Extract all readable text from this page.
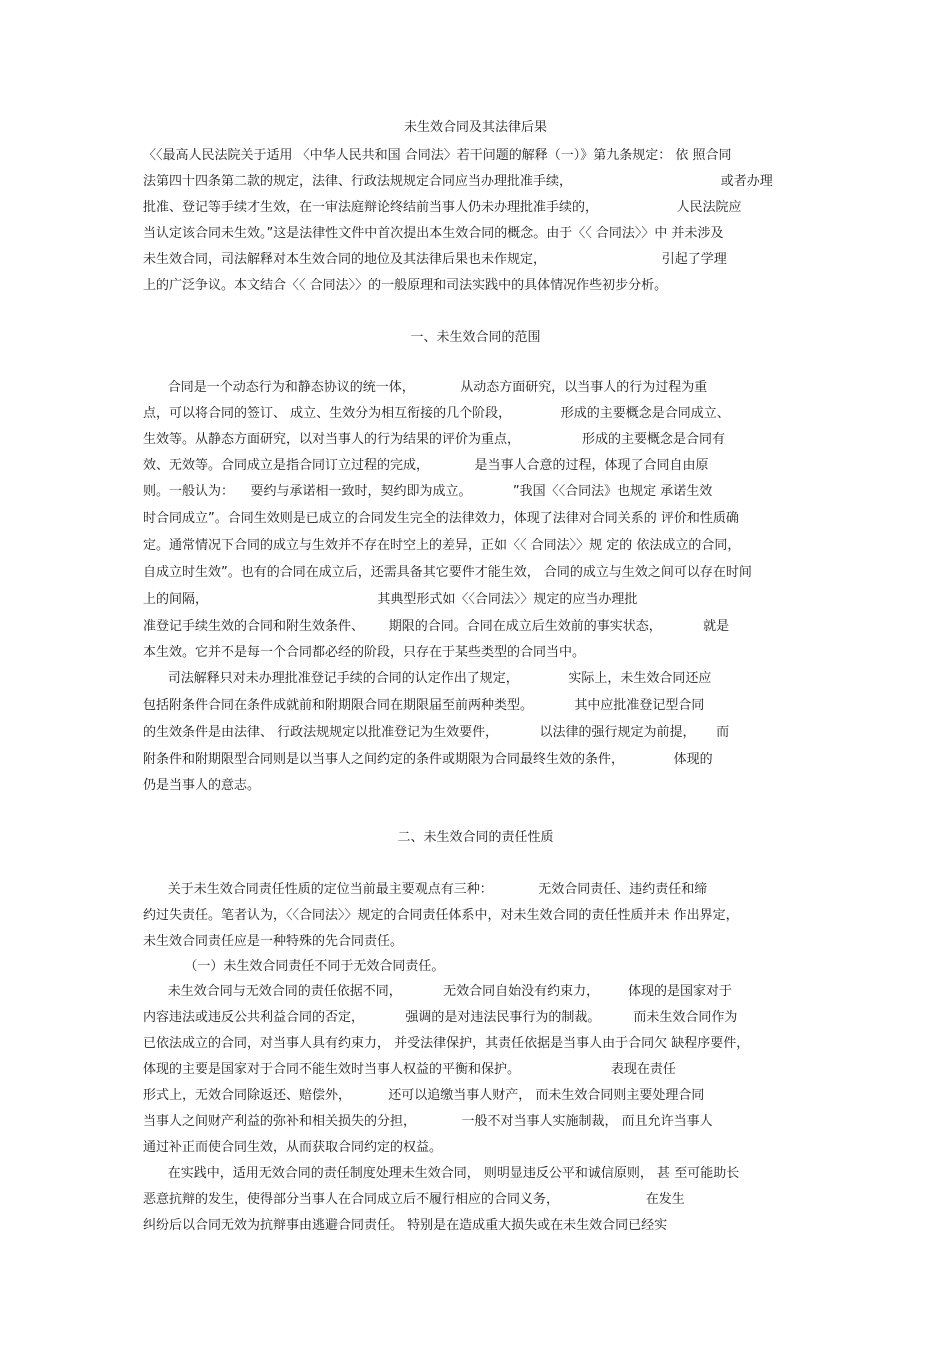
未生效合同及其法律后果
〈〈最高人民法院关于适用 〈中华人民共和国 合同法〉若干问题的解释（一）》第九条规定： 依 照合同
法第四十四条第二款的规定，法律、行政法规规定合同应当办理批准手续，                                    或者办理
批准、登记等手续才生效，在一审法庭辩论终结前当事人仍未办理批准手续的，                   人民法院应
当认定该合同未生效。”这是法律性文件中首次提出本生效合同的概念。由于〈〈 合同法〉〉中 并未涉及
未生效合同，司法解释对本生效合同的地位及其法律后果也未作规定，                            引起了学理
上的广泛争议。本文结合〈〈 合同法〉〉的一般原理和司法实践中的具体情况作些初步分析。
一、未生效合同的范围
合同是一个动态行为和静态协议的统一体，           从动态方面研究，以当事人的行为过程为重
点，可以将合同的签订、 成立、生效分为相互衔接的几个阶段，            形成的主要概念是合同成立、
生效等。从静态方面研究，以对当事人的行为结果的评价为重点，               形成的主要概念是合同有
效、无效等。合同成立是指合同订立过程的完成，           是当事人合意的过程，体现了合同自由原
则。一般认为：    要约与承诺相一致时，契约即为成立。          ”我国〈〈合同法》也规定 承诺生效
时合同成立”。合同生效则是已成立的合同发生完全的法律效力，体现了法律对合同关系的 评价和性质确
定。通常情况下合同的成立与生效并不存在时空上的差异，正如〈〈 合同法〉〉规 定的 依法成立的合同，
自成立时生效”。也有的合同在成立后，还需具备其它要件才能生效， 合同的成立与生效之间可以存在时间
上的间隔，                                         其典型形式如〈〈合同法〉〉规定的应当办理批
准登记手续生效的合同和附生效条件、      期限的合同。合同在成立后生效前的事实状态，          就是
本生效。它并不是每一个合同都必经的阶段，只存在于某些类型的合同当中。
司法解释只对未办理批准登记手续的合同的认定作出了规定，            实际上，未生效合同还应
包括附条件合同在条件成就前和附期限合同在期限届至前两种类型。          其中应批准登记型合同
的生效条件是由法律、 行政法规规定以批准登记为生效要件，          以法律的强行规定为前提，     而
附条件和附期限型合同则是以当事人之间约定的条件或期限为合同最终生效的条件，            体现的
仍是当事人的意志。
二、未生效合同的责任性质
关于未生效合同责任性质的定位当前最主要观点有三种：           无效合同责任、违约责任和缔
约过失责任。笔者认为，〈〈合同法〉〉规定的合同责任体系中，对未生效合同的责任性质并未 作出界定，
未生效合同责任应是一种特殊的先合同责任。
（一）未生效合同责任不同于无效合同责任。
未生效合同与无效合同的责任依据不同，          无效合同自始没有约束力，       体现的是国家对于
内容违法或违反公共利益合同的否定，          强调的是对违法民事行为的制裁。        而未生效合同作为
已依法成立的合同，对当事人具有约束力， 并受法律保护，其责任依据是当事人由于合同欠 缺程序要件，
体现的主要是国家对于合同不能生效时当事人权益的平衡和保护。                      表现在责任
形式上，无效合同除返还、赔偿外，         还可以追缴当事人财产， 而未生效合同则主要处理合同
当事人之间财产利益的弥补和相关损失的分担，           一般不对当事人实施制裁， 而且允许当事人
通过补正而使合同生效，从而获取合同约定的权益。
在实践中，适用无效合同的责任制度处理未生效合同， 则明显违反公平和诚信原则， 甚 至可能助长
恶意抗辩的发生，使得部分当事人在合同成立后不履行相应的合同义务，                     在发生
纠纷后以合同无效为抗辩事由逃避合同责任。 特别是在造成重大损失或在未生效合同已经实
